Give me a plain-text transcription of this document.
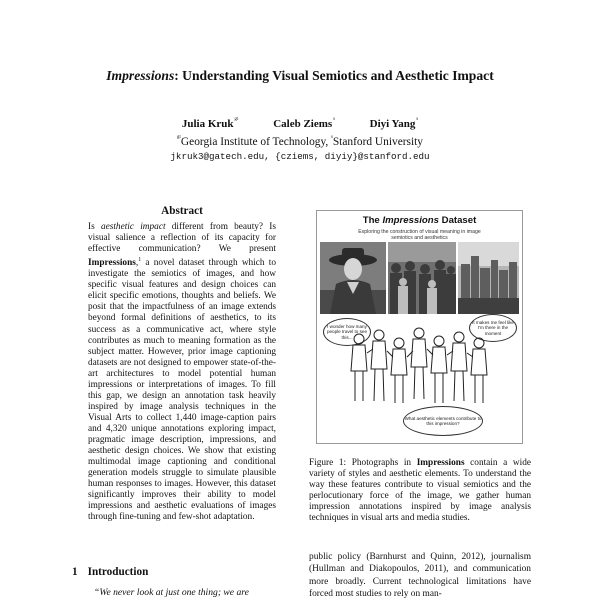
Impressions: Understanding Visual Semiotics and Aesthetic Impact
Julia Kruk$^{ᵍᵗ}$	Caleb Ziems$^ˢ$	Diyi Yang$^ˢ$
$^{ᵍᵗ}$Georgia Institute of Technology, $^ˢ$Stanford University
jkruk3@gatech.edu, {cziems, diyiy}@stanford.edu
Abstract
Is aesthetic impact different from beauty? Is visual salience a reflection of its capacity for effective communication? We present Impressions,$^1$ a novel dataset through which to investigate the semiotics of images, and how specific visual features and design choices can elicit specific emotions, thoughts and beliefs. We posit that the impactfulness of an image extends beyond formal definitions of aesthetics, to its success as a communicative act, where style contributes as much to meaning formation as the subject matter. However, prior image captioning datasets are not designed to empower state-of-the-art architectures to model potential human impressions or interpretations of images. To fill this gap, we design an annotation task heavily inspired by image analysis techniques in the Visual Arts to collect 1,440 image-caption pairs and 4,320 unique annotations exploring impact, pragmatic image description, impressions, and aesthetic design choices. We show that existing multimodal image captioning and conditional generation models struggle to simulate plausible human responses to images. However, this dataset significantly improves their ability to model impressions and aesthetic evaluations of images through fine-tuning and few-shot adaptation.
1 Introduction
“We never look at just one thing; we are
The Impressions Dataset
Exploring the construction of visual meaning in image semiotics and aesthetics
I wonder how many people travel to see this...
It makes me feel like I'm there in the moment
What aesthetic elements contribute to this impression?
Figure 1: Photographs in Impressions contain a wide variety of styles and aesthetic elements. To understand the way these features contribute to visual semiotics and the perlocutionary force of the image, we gather human impression annotations inspired by image analysis techniques in visual arts and media studies.
public policy (Barnhurst and Quinn, 2012), journalism (Hullman and Diakopoulos, 2011), and communication more broadly. Current technological limitations have forced most studies to rely on man-
